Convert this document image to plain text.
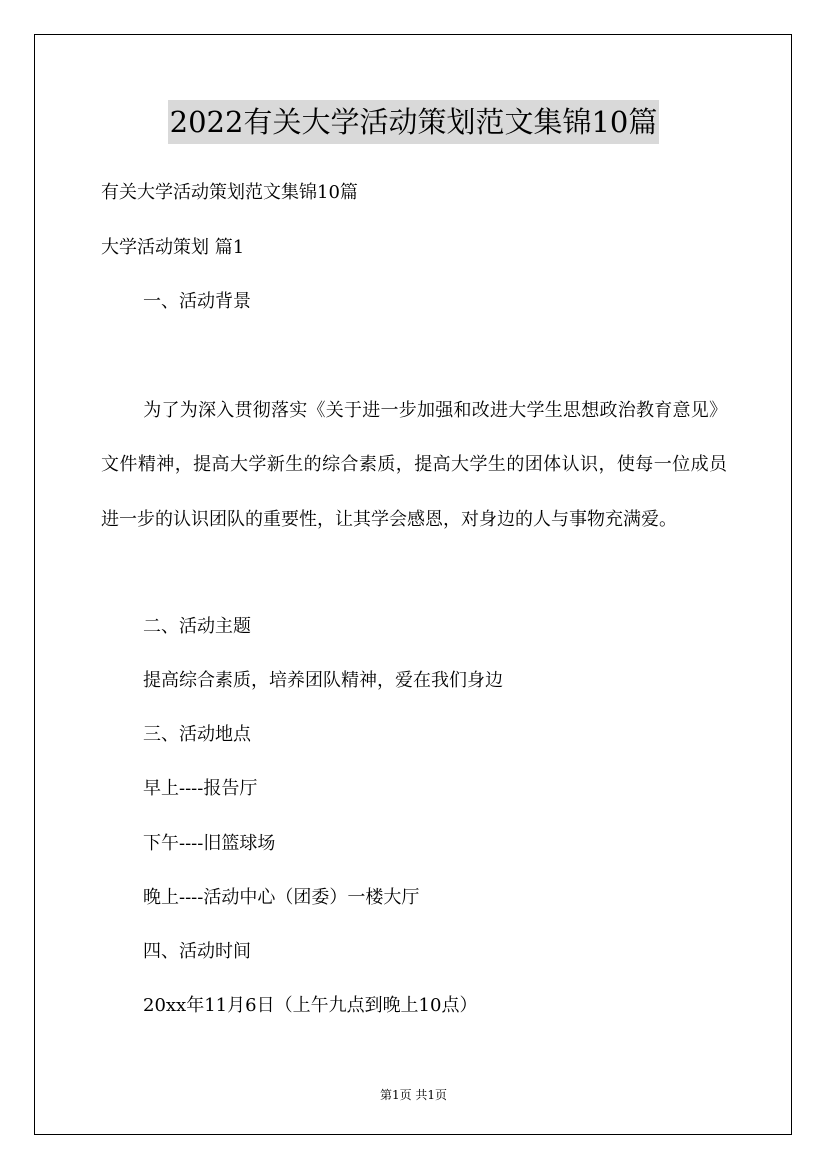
2022有关大学活动策划范文集锦10篇
有关大学活动策划范文集锦10篇
大学活动策划 篇1
一、活动背景
为了为深入贯彻落实《关于进一步加强和改进大学生思想政治教育意见》文件精神，提高大学新生的综合素质，提高大学生的团体认识，使每一位成员进一步的认识团队的重要性，让其学会感恩，对身边的人与事物充满爱。
二、活动主题
提高综合素质，培养团队精神，爱在我们身边
三、活动地点
早上----报告厅
下午----旧篮球场
晚上----活动中心（团委）一楼大厅
四、活动时间
20xx年11月6日（上午九点到晚上10点）
第1页 共1页
